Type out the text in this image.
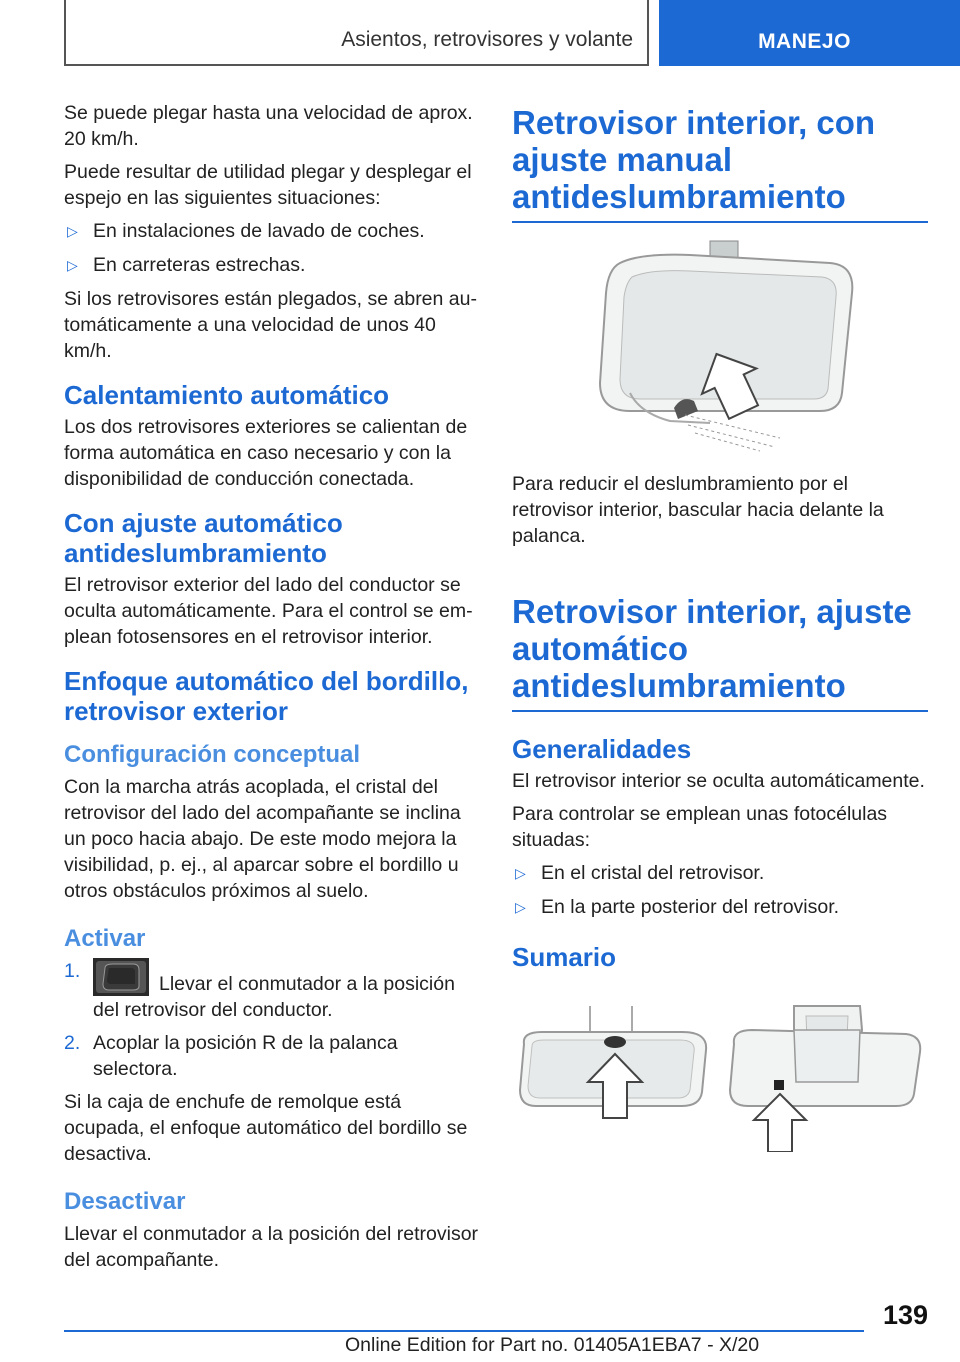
Asientos, retrovisores y volante	MANEJO

Se puede plegar hasta una velocidad de aprox. 20 km/h.

Puede resultar de utilidad plegar y desplegar el espejo en las siguientes situaciones:

▷ En instalaciones de lavado de coches.
▷ En carreteras estrechas.

Si los retrovisores están plegados, se abren automáticamente a una velocidad de unos 40 km/h.

Calentamiento automático

Los dos retrovisores exteriores se calientan de forma automática en caso necesario y con la disponibilidad de conducción conectada.

Con ajuste automático antideslumbramiento

El retrovisor exterior del lado del conductor se oculta automáticamente. Para el control se emplean fotosensores en el retrovisor interior.

Enfoque automático del bordillo, retrovisor exterior
Configuración conceptual

Con la marcha atrás acoplada, el cristal del retrovisor del lado del acompañante se inclina un poco hacia abajo. De este modo mejora la visibilidad, p. ej., al aparcar sobre el bordillo u otros obstáculos próximos al suelo.

Activar
1.
Llevar el conmutador a la posición del retrovisor del conductor.
2. Acoplar la posición R de la palanca selectora.

Si la caja de enchufe de remolque está ocupada, el enfoque automático del bordillo se desactiva.

Desactivar

Llevar el conmutador a la posición del retrovisor del acompañante.

Retrovisor interior, con ajuste manual antideslumbramiento

Para reducir el deslumbramiento por el retrovisor interior, bascular hacia delante la palanca.

Retrovisor interior, ajuste automático antideslumbramiento
Generalidades

El retrovisor interior se oculta automáticamente.

Para controlar se emplean unas fotocélulas situadas:

▷ En el cristal del retrovisor.
▷ En la parte posterior del retrovisor.
Sumario
139
Online Edition for Part no. 01405A1EBA7 - X/20
